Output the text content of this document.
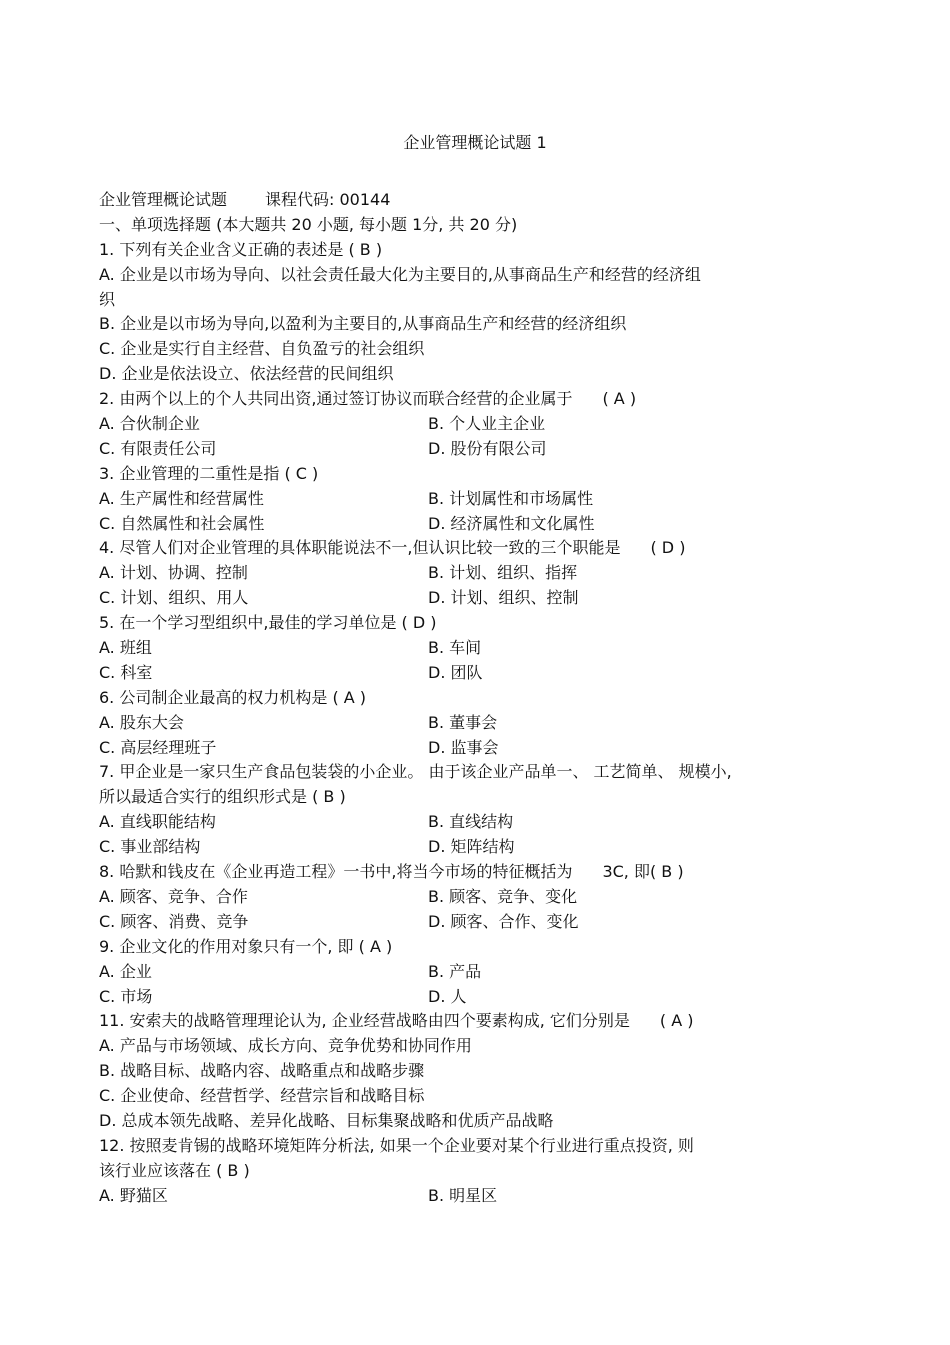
企业管理概论试题 1
企业管理概论试题 课程代码: 00144
一、单项选择题 (本大题共 20 小题, 每小题 1分, 共 20 分)
1. 下列有关企业含义正确的表述是 ( B )
A. 企业是以市场为导向、以社会责任最大化为主要目的,从事商品生产和经营的经济组
织
B. 企业是以市场为导向,以盈利为主要目的,从事商品生产和经营的经济组织
C. 企业是实行自主经营、自负盈亏的社会组织
D. 企业是依法设立、依法经营的民间组织
2. 由两个以上的个人共同出资,通过签订协议而联合经营的企业属于 ( A )
A. 合伙制企业	B. 个人业主企业
C. 有限责任公司	D. 股份有限公司
3. 企业管理的二重性是指 ( C )
A. 生产属性和经营属性	B. 计划属性和市场属性
C. 自然属性和社会属性	D. 经济属性和文化属性
4. 尽管人们对企业管理的具体职能说法不一,但认识比较一致的三个职能是 ( D )
A. 计划、协调、控制	B. 计划、组织、指挥
C. 计划、组织、用人	D. 计划、组织、控制
5. 在一个学习型组织中,最佳的学习单位是 ( D )
A. 班组	B. 车间
C. 科室	D. 团队
6. 公司制企业最高的权力机构是 ( A )
A. 股东大会	B. 董事会
C. 高层经理班子	D. 监事会
7. 甲企业是一家只生产食品包装袋的小企业。 由于该企业产品单一、 工艺简单、 规模小,
所以最适合实行的组织形式是 ( B )
A. 直线职能结构	B. 直线结构
C. 事业部结构	D. 矩阵结构
8. 哈默和钱皮在《企业再造工程》一书中,将当今市场的特征概括为 3C, 即( B )
A. 顾客、竞争、合作	B. 顾客、竞争、变化
C. 顾客、消费、竞争	D. 顾客、合作、变化
9. 企业文化的作用对象只有一个, 即 ( A )
A. 企业	B. 产品
C. 市场	D. 人
11. 安索夫的战略管理理论认为, 企业经营战略由四个要素构成, 它们分别是 ( A )
A. 产品与市场领域、成长方向、竞争优势和协同作用
B. 战略目标、战略内容、战略重点和战略步骤
C. 企业使命、经营哲学、经营宗旨和战略目标
D. 总成本领先战略、差异化战略、目标集聚战略和优质产品战略
12. 按照麦肯锡的战略环境矩阵分析法, 如果一个企业要对某个行业进行重点投资, 则
该行业应该落在 ( B )
A. 野猫区	B. 明星区
